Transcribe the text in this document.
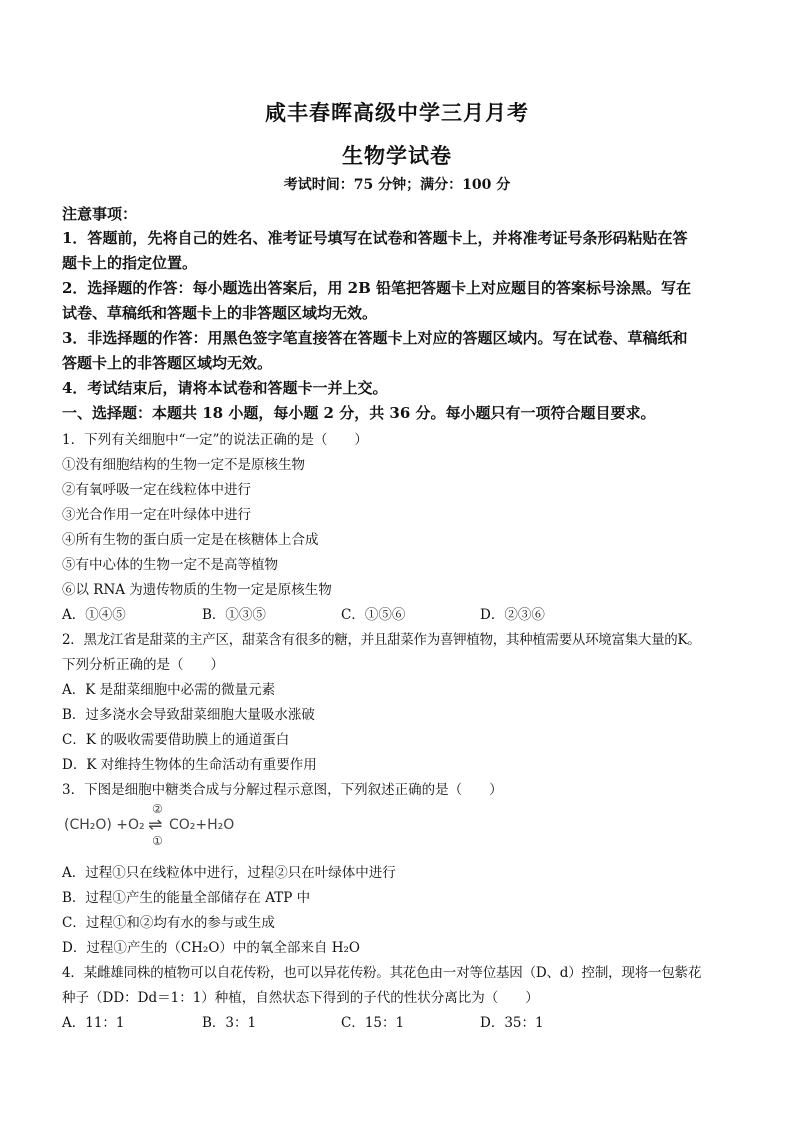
咸丰春晖高级中学三月月考
生物学试卷
考试时间：75 分钟；满分：100 分
注意事项：
1．答题前，先将自己的姓名、准考证号填写在试卷和答题卡上，并将准考证号条形码粘贴在答
题卡上的指定位置。
2．选择题的作答：每小题选出答案后，用 2B 铅笔把答题卡上对应题目的答案标号涂黑。写在
试卷、草稿纸和答题卡上的非答题区域均无效。
3．非选择题的作答：用黑色签字笔直接答在答题卡上对应的答题区域内。写在试卷、草稿纸和
答题卡上的非答题区域均无效。
4．考试结束后，请将本试卷和答题卡一并上交。
一、选择题：本题共 18 小题，每小题 2 分，共 36 分。每小题只有一项符合题目要求。
1．下列有关细胞中“一定”的说法正确的是（　　）
①没有细胞结构的生物一定不是原核生物
②有氧呼吸一定在线粒体中进行
③光合作用一定在叶绿体中进行
④所有生物的蛋白质一定是在核糖体上合成
⑤有中心体的生物一定不是高等植物
⑥以 RNA 为遗传物质的生物一定是原核生物
A．①④⑤	B．①③⑤	C．①⑤⑥	D．②③⑥
2．黑龙江省是甜菜的主产区，甜菜含有很多的糖，并且甜菜作为喜钾植物，其种植需要从环境富集大量的K。
下列分析正确的是（　　）
A．K 是甜菜细胞中必需的微量元素
B．过多浇水会导致甜菜细胞大量吸水涨破
C．K 的吸收需要借助膜上的通道蛋白
D．K 对维持生物体的生命活动有重要作用
3．下图是细胞中糖类合成与分解过程示意图，下列叙述正确的是（　　）
(CH₂O) +O₂
②
⇌
①
CO₂+H₂O
A．过程①只在线粒体中进行，过程②只在叶绿体中进行
B．过程①产生的能量全部储存在 ATP 中
C．过程①和②均有水的参与或生成
D．过程①产生的（CH₂O）中的氧全部来自 H₂O
4．某雌雄同株的植物可以自花传粉，也可以异花传粉。其花色由一对等位基因（D、d）控制，现将一包紫花
种子（DD：Dd＝1：1）种植，自然状态下得到的子代的性状分离比为（　　）
A．11：1	B．3：1	C．15：1	D．35：1
